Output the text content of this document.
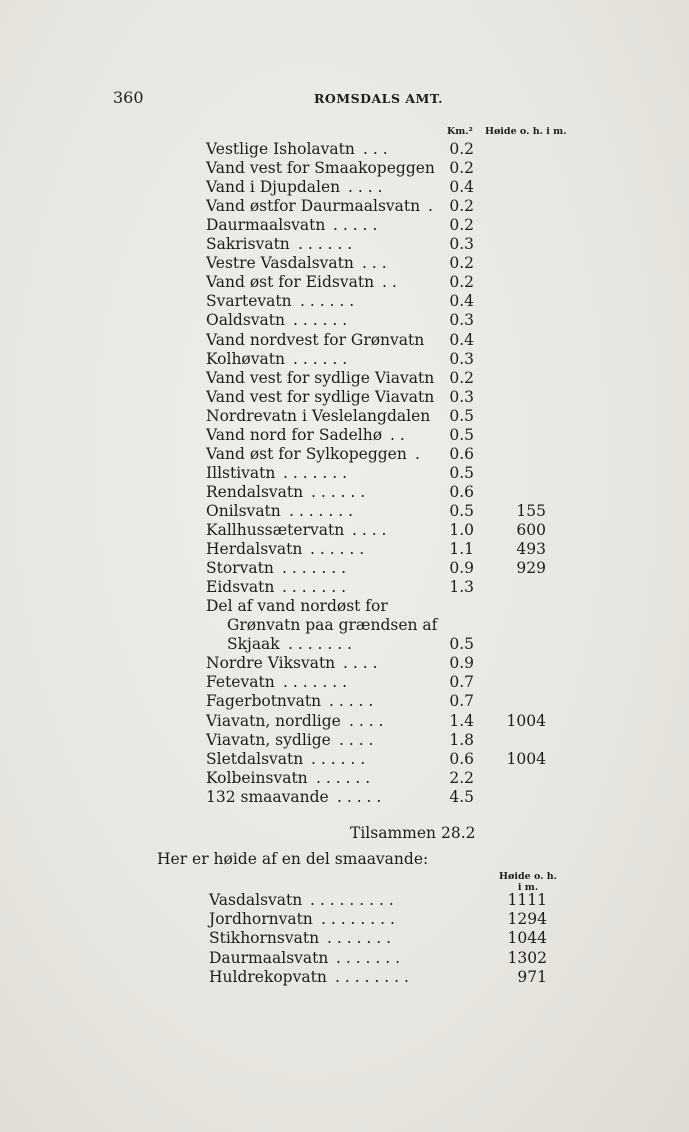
360	ROMSDALS AMT.
Km.² Høide o. h. i m.
Vestlige Isholavatn . . .	0.2
Vand vest for Smaakopeggen 0.2
Vand i Djupdalen . . . .	0.4
Vand østfor Daurmaalsvatn . 0.2
Daurmaalsvatn . . . . .	0.2
Sakrisvatn . . . . . .	0.3
Vestre Vasdalsvatn . . .	0.2
Vand øst for Eidsvatn . .	0.2
Svartevatn . . . . . .	0.4
Oaldsvatn . . . . . .	0.3
Vand nordvest for Grønvatn 0.4
Kolhøvatn . . . . . .	0.3
Vand vest for sydlige Viavatn 0.2
Vand vest for sydlige Viavatn 0.3
Nordrevatn i Veslelangdalen 0.5
Vand nord for Sadelhø . .	0.5
Vand øst for Sylkopeggen . 0.6
Illstivatn . . . . . . .	0.5
Rendalsvatn . . . . . .	0.6
Onilsvatn . . . . . . .	0.5	155
Kallhussætervatn . . . .	1.0	600
Herdalsvatn . . . . . .	1.1	493
Storvatn . . . . . . .	0.9	929
Eidsvatn . . . . . . .	1.3
Del af vand nordøst for
Grønvatn paa grændsen af
Skjaak . . . . . . .	0.5
Nordre Viksvatn . . . .	0.9
Fetevatn . . . . . . .	0.7
Fagerbotnvatn . . . . .	0.7
Viavatn, nordlige . . . .	1.4 1004
Viavatn, sydlige . . . .	1.8
Sletdalsvatn . . . . . .	0.6 1004
Kolbeinsvatn . . . . . .	2.2
132 smaavande . . . . .	4.5
Tilsammen 28.2
Her er høide af en del smaavande:
Høide o. h.
i m.
Vasdalsvatn . . . . . . . . .	1111
Jordhornvatn . . . . . . . .	1294
Stikhornsvatn . . . . . . .	1044
Daurmaalsvatn . . . . . . .	1302
Huldrekopvatn . . . . . . . .	971
